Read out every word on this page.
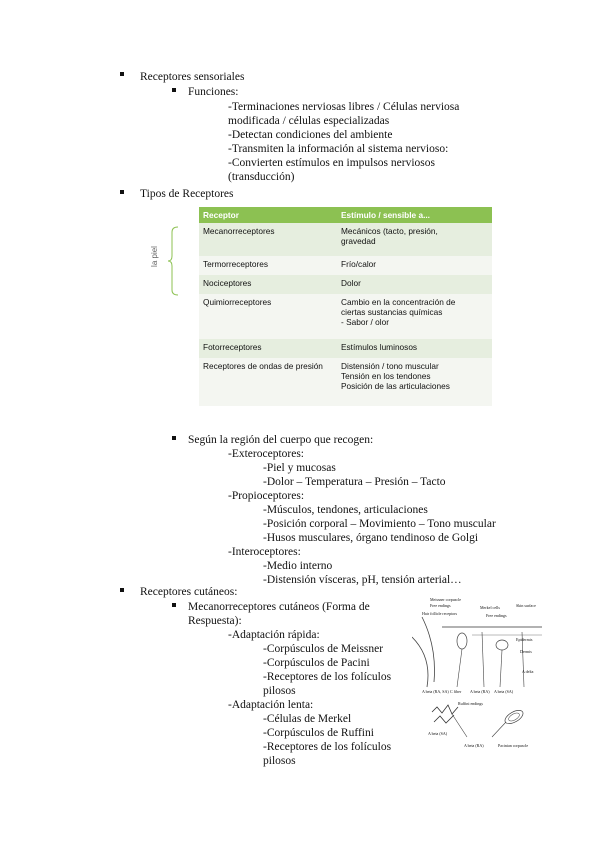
Receptores sensoriales
Funciones:
-Terminaciones nerviosas libres / Células nerviosa
modificada / células especializadas
-Detectan condiciones del ambiente
-Transmiten la información al sistema nervioso:
-Convierten estímulos en impulsos nerviosos
(transducción)
Tipos de Receptores
la piel
Receptor	Estímulo / sensible a...
Mecanorreceptores	Mecánicos (tacto, presión,
gravedad
Termorreceptores	Frío/calor
Nociceptores	Dolor
Quimiorreceptores	Cambio en la concentración de
ciertas sustancias químicas
- Sabor / olor
Fotorreceptores	Estímulos luminosos
Receptores de ondas de presión	Distensión / tono muscular
Tensión en los tendones
Posición de las articulaciones
Según la región del cuerpo que recogen:
-Exteroceptores:
-Piel y mucosas
-Dolor – Temperatura – Presión – Tacto
-Propioceptores:
-Músculos, tendones, articulaciones
-Posición corporal – Movimiento – Tono muscular
-Husos musculares, órgano tendinoso de Golgi
-Interoceptores:
-Medio interno
-Distensión vísceras, pH, tensión arterial…
Receptores cutáneos:
Mecanorreceptores cutáneos (Forma de
Respuesta):
-Adaptación rápida:
-Corpúsculos de Meissner
-Corpúsculos de Pacini
-Receptores de los folículos
pilosos
-Adaptación lenta:
-Células de Merkel
-Corpúsculos de Ruffini
-Receptores de los folículos
pilosos
Meissner corpuscle
Free endings
Hair follicle receptors
Merkel cells
Free endings
Skin surface
Epidermis
Dermis
A delta
A beta (RA, SA) C fiber A beta (RA) A beta (SA)
Ruffini endings
A beta (SA)
A beta (RA)	Pacinian corpuscle
